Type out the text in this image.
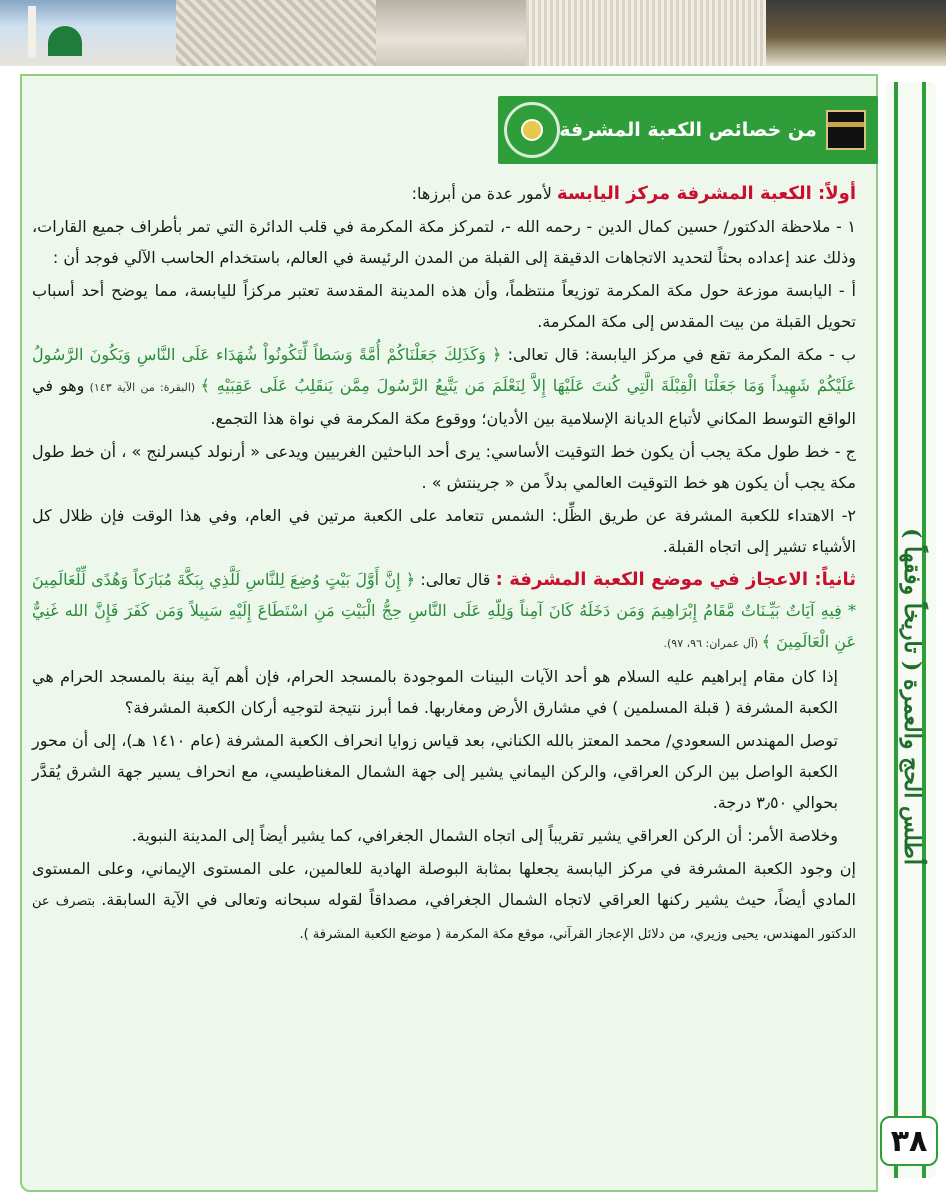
أطلس الحج والعمرة ( تاريخاً وفقهاً )
٣٨
من خصائص الكعبة المشرفة

أولاً: الكعبة المشرفة مركز اليابسة لأمور عدة من أبرزها:

١ - ملاحظة الدكتور/ حسين كمال الدين - رحمه الله -، لتمركز مكة المكرمة في قلب الدائرة التي تمر بأطراف جميع القارات، وذلك عند إعداده بحثاً لتحديد الاتجاهات الدقيقة إلى القبلة من المدن الرئيسة في العالم، باستخدام الحاسب الآلي فوجد أن :

أ - اليابسة موزعة حول مكة المكرمة توزيعاً منتظماً، وأن هذه المدينة المقدسة تعتبر مركزاً لليابسة، مما يوضح أحد أسباب تحويل القبلة من بيت المقدس إلى مكة المكرمة.

ب - مكة المكرمة تقع في مركز اليابسة: قال تعالى: ﴿ وَكَذَلِكَ جَعَلْنَاكُمْ أُمَّةً وَسَطاً لِّتَكُونُواْ شُهَدَاء عَلَى النَّاسِ وَيَكُونَ الرَّسُولُ عَلَيْكُمْ شَهِيداً وَمَا جَعَلْنَا الْقِبْلَةَ الَّتِي كُنتَ عَلَيْهَا إِلاَّ لِنَعْلَمَ مَن يَتَّبِعُ الرَّسُولَ مِمَّن يَنقَلِبُ عَلَى عَقِبَيْهِ ﴾ (البقرة: من الآية ١٤٣) وهو في الواقع التوسط المكاني لأتباع الديانة الإسلامية بين الأديان؛ ووقوع مكة المكرمة في نواة هذا التجمع.

ج - خط طول مكة يجب أن يكون خط التوقيت الأساسي: يرى أحد الباحثين الغربيين ويدعى « أرنولد كيسرلنج » ، أن خط طول مكة يجب أن يكون هو خط التوقيت العالمي بدلاً من « جرينتش » .

٢- الاهتداء للكعبة المشرفة عن طريق الظِّل: الشمس تتعامد على الكعبة مرتين في العام، وفي هذا الوقت فإن ظلال كل الأشياء تشير إلى اتجاه القبلة.

ثانياً: الاعجاز في موضع الكعبة المشرفة : قال تعالى: ﴿ إِنَّ أَوَّلَ بَيْتٍ وُضِعَ لِلنَّاسِ لَلَّذِي بِبَكَّةَ مُبَارَكاً وَهُدًى لِّلْعَالَمِينَ * فِيهِ آيَاتٌ بَيِّـنَاتٌ مَّقَامُ إِبْرَاهِيمَ وَمَن دَخَلَهُ كَانَ آمِناً وَلِلّهِ عَلَى النَّاسِ حِجُّ الْبَيْتِ مَنِ اسْتَطَاعَ إِلَيْهِ سَبِيلاً وَمَن كَفَرَ فَإِنَّ الله غَنِيٌّ عَنِ الْعَالَمِينَ ﴾ (آل عمران: ٩٦، ٩٧).

إذا كان مقام إبراهيم عليه السلام هو أحد الآيات البينات الموجودة بالمسجد الحرام، فإن أهم آية بينة بالمسجد الحرام هي الكعبة المشرفة ( قبلة المسلمين ) في مشارق الأرض ومغاربها. فما أبرز نتيجة لتوجيه أركان الكعبة المشرفة؟

توصل المهندس السعودي/ محمد المعتز بالله الكناني، بعد قياس زوايا انحراف الكعبة المشرفة (عام ١٤١٠ هـ)، إلى أن محور الكعبة الواصل بين الركن العراقي، والركن اليماني يشير إلى جهة الشمال المغناطيسي، مع انحراف يسير جهة الشرق يُقدَّر بحوالي ٣٫٥٠ درجة.

وخلاصة الأمر: أن الركن العراقي يشير تقريباً إلى اتجاه الشمال الجغرافي، كما يشير أيضاً إلى المدينة النبوية.

إن وجود الكعبة المشرفة في مركز اليابسة يجعلها بمثابة البوصلة الهادية للعالمين، على المستوى الإيماني، وعلى المستوى المادي أيضاً، حيث يشير ركنها العراقي لاتجاه الشمال الجغرافي، مصداقاً لقوله سبحانه وتعالى في الآية السابقة. بتصرف عن الدكتور المهندس، يحيى وزيري، من دلائل الإعجاز القرآني، موقع مكة المكرمة ( موضع الكعبة المشرفة ).
